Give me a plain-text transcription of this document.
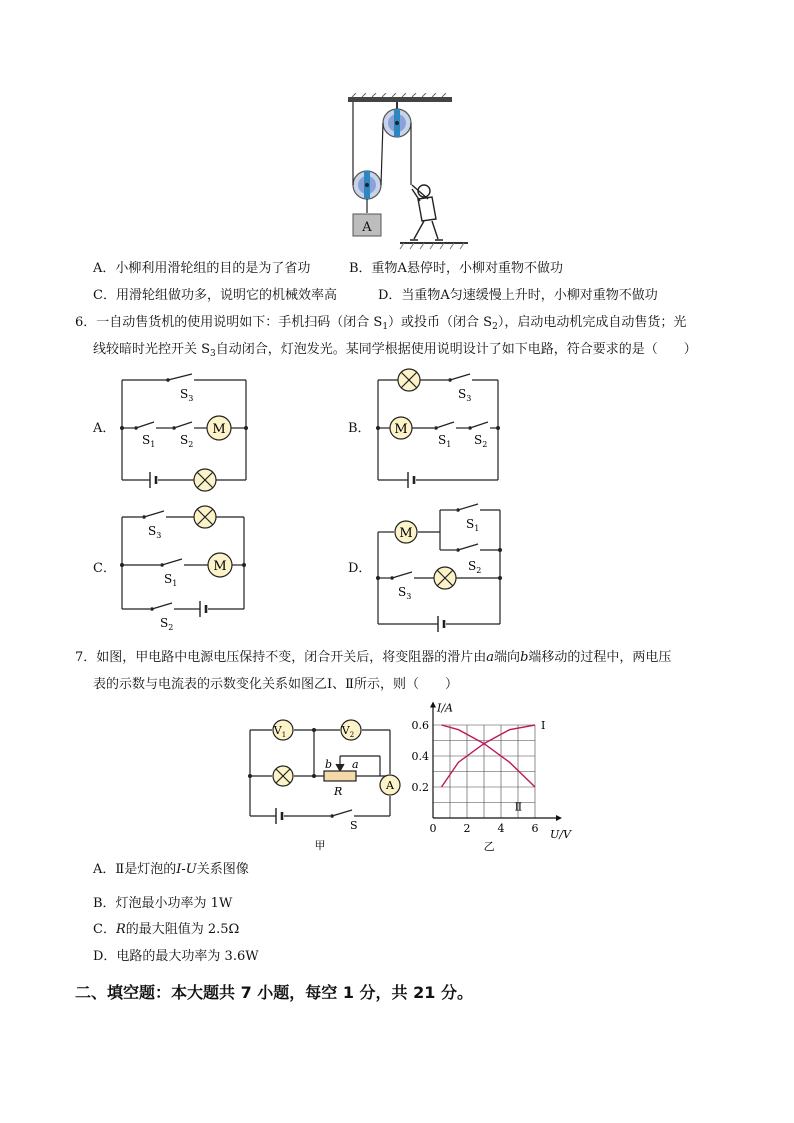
A
A．小柳利用滑轮组的目的是为了省功	B．重物A悬停时，小柳对重物不做功
C．用滑轮组做功多，说明它的机械效率高	D．当重物A匀速缓慢上升时，小柳对重物不做功
6．一自动售货机的使用说明如下：手机扫码（闭合 $S_1$）或投币（闭合 $S_2$），启动电动机完成自动售货；光
线较暗时光控开关 $S_3$自动闭合，灯泡发光。某同学根据使用说明设计了如下电路，符合要求的是（　　）
A．	M
$S_3$
$S_1$ $S_2$
B． M
$S_3$
$S_1$ $S_2$
C．	M
$S_3$
$S_1$
$S_2$
D．
M
$S_1$
$S_2$
$S_3$
7．如图，甲电路中电源电压保持不变，闭合开关后，将变阻器的滑片由a端向b端移动的过程中，两电压
表的示数与电流表的示数变化关系如图乙Ⅰ、Ⅱ所示，则（　　）
$V_1$	$V_2$
A
b a
R
S
甲
0 2 4 6
0.2
0.4
0.6
I/A
U/V
Ⅰ
Ⅱ
乙
A．Ⅱ是灯泡的I-U关系图像
B．灯泡最小功率为 1W
C．R的最大阻值为 2.5Ω
D．电路的最大功率为 3.6W
二、填空题：本大题共 7 小题，每空 1 分，共 21 分。
